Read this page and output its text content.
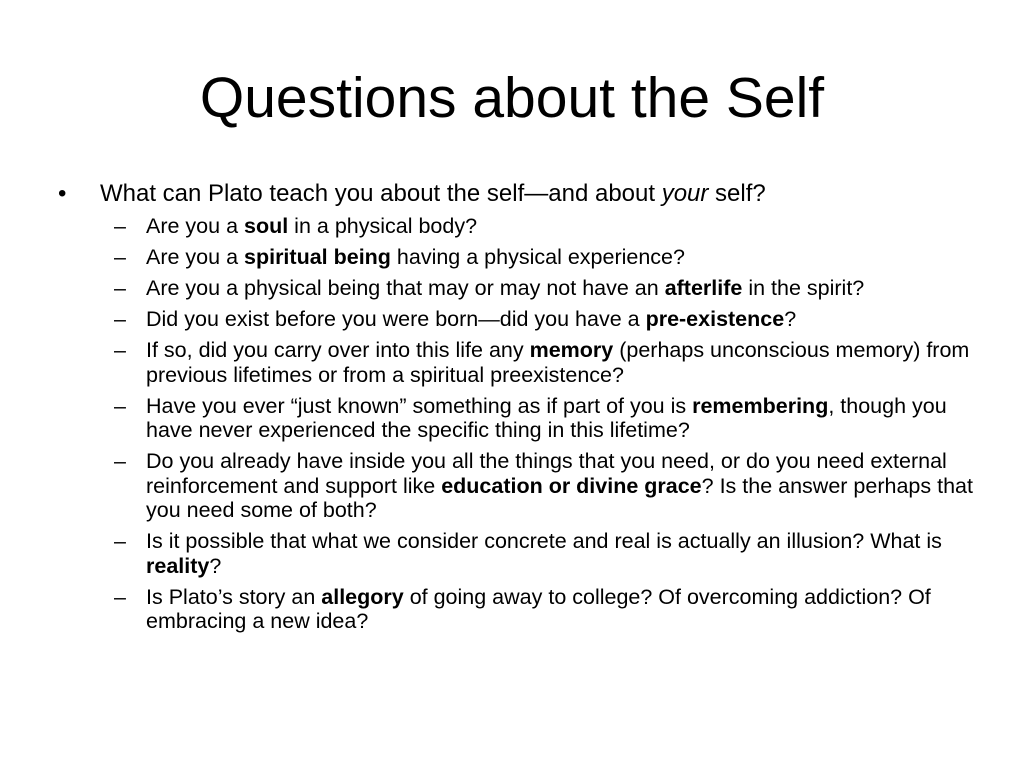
Questions about the Self
• What can Plato teach you about the self—and about your self?
– Are you a soul in a physical body?
– Are you a spiritual being having a physical experience?
– Are you a physical being that may or may not have an afterlife in the spirit?
– Did you exist before you were born—did you have a pre-existence?
– If so, did you carry over into this life any memory (perhaps unconscious memory) from previous lifetimes or from a spiritual preexistence?
– Have you ever “just known” something as if part of you is remembering, though you have never experienced the specific thing in this lifetime?
– Do you already have inside you all the things that you need, or do you need external reinforcement and support like education or divine grace? Is the answer perhaps that you need some of both?
– Is it possible that what we consider concrete and real is actually an illusion? What is reality?
– Is Plato’s story an allegory of going away to college? Of overcoming addiction? Of embracing a new idea?
